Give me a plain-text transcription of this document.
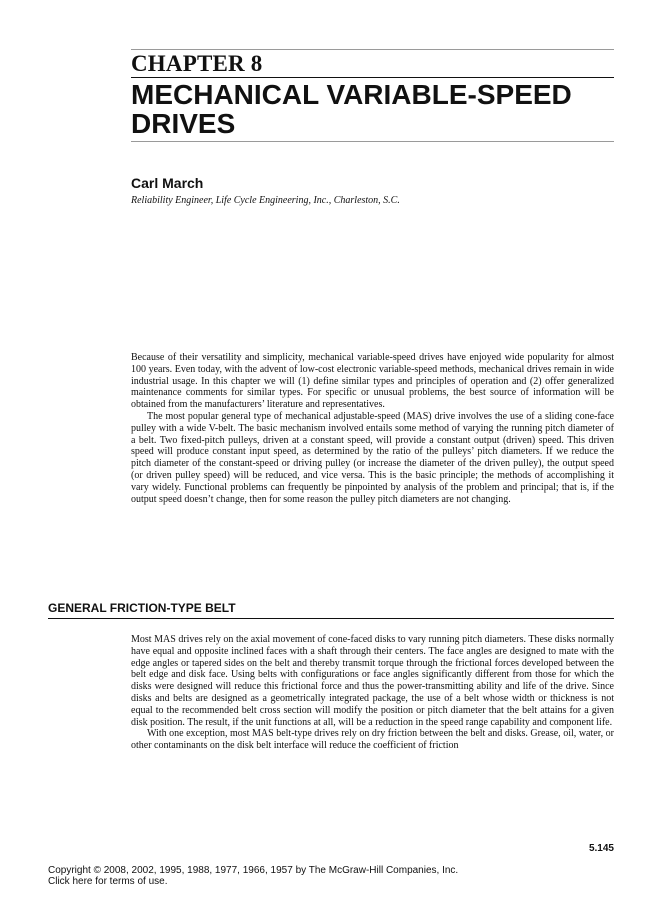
CHAPTER 8
MECHANICAL VARIABLE-SPEED DRIVES
Carl March
Reliability Engineer, Life Cycle Engineering, Inc., Charleston, S.C.

Because of their versatility and simplicity, mechanical variable-speed drives have enjoyed wide popularity for almost 100 years. Even today, with the advent of low-cost electronic variable-speed methods, mechanical drives remain in wide industrial usage. In this chapter we will (1) define similar types and principles of operation and (2) offer generalized maintenance comments for similar types. For specific or unusual problems, the best source of information will be obtained from the manufacturers’ literature and representatives.

The most popular general type of mechanical adjustable-speed (MAS) drive involves the use of a sliding cone-face pulley with a wide V-belt. The basic mechanism involved entails some method of varying the running pitch diameter of a belt. Two fixed-pitch pulleys, driven at a constant speed, will provide a constant output (driven) speed. This driven speed will produce constant input speed, as determined by the ratio of the pulleys’ pitch diameters. If we reduce the pitch diameter of the constant-speed or driving pulley (or increase the diameter of the driven pulley), the output speed (or driven pulley speed) will be reduced, and vice versa. This is the basic principle; the methods of accomplishing it vary widely. Functional problems can frequently be pinpointed by analysis of the problem and principal; that is, if the output speed doesn’t change, then for some reason the pulley pitch diameters are not changing.

GENERAL FRICTION-TYPE BELT

Most MAS drives rely on the axial movement of cone-faced disks to vary running pitch diameters. These disks normally have equal and opposite inclined faces with a shaft through their centers. The face angles are designed to mate with the edge angles or tapered sides on the belt and thereby transmit torque through the frictional forces developed between the belt edge and disk face. Using belts with configurations or face angles significantly different from those for which the disks were designed will reduce this frictional force and thus the power-transmitting ability and life of the drive. Since disks and belts are designed as a geometrically integrated package, the use of a belt whose width or thickness is not equal to the recommended belt cross section will modify the position or pitch diameter that the belt attains for a given disk position. The result, if the unit functions at all, will be a reduction in the speed range capability and component life.

With one exception, most MAS belt-type drives rely on dry friction between the belt and disks. Grease, oil, water, or other contaminants on the disk belt interface will reduce the coefficient of friction

5.145
Copyright © 2008, 2002, 1995, 1988, 1977, 1966, 1957 by The McGraw-Hill Companies, Inc.
Click here for terms of use.
